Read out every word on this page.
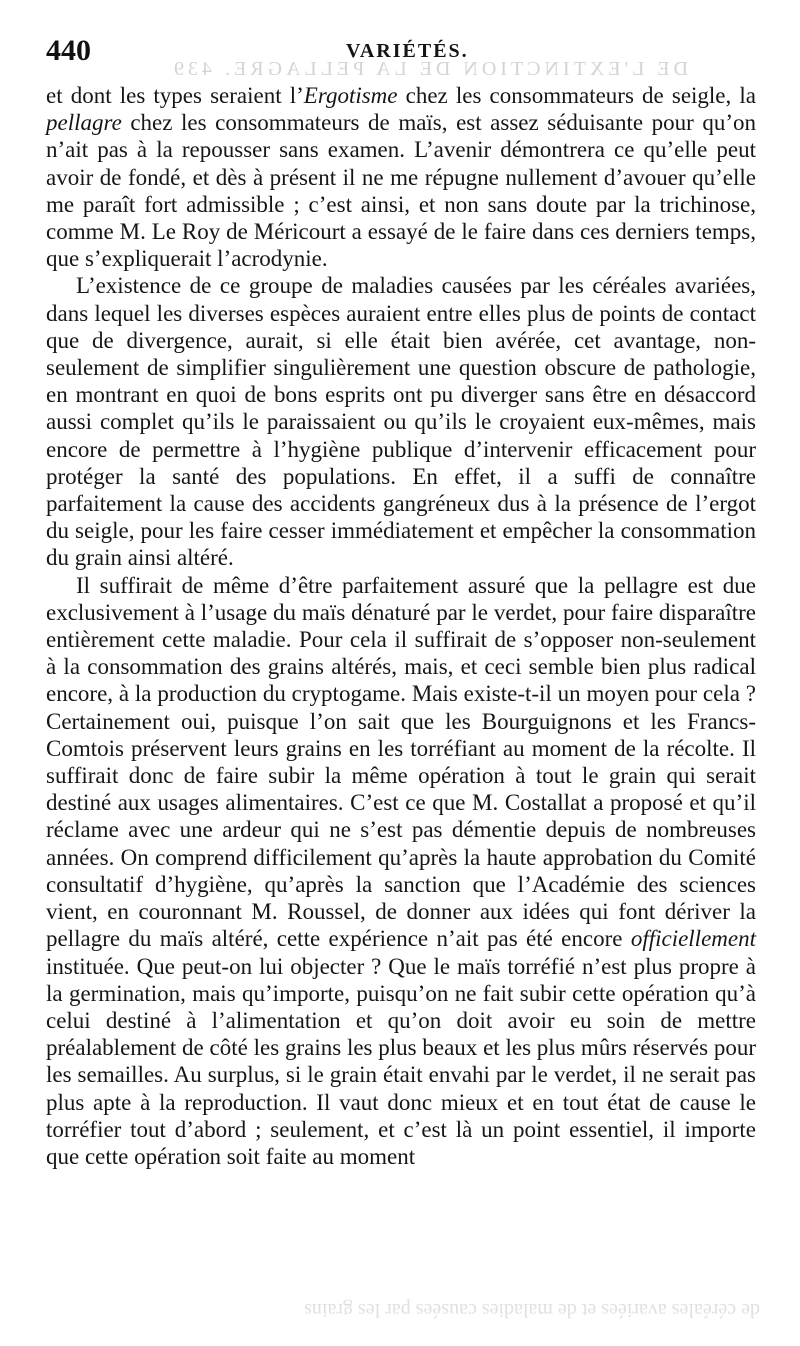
DE L'EXTINCTION DE LA PELLAGRE. 439
de céréales avariées et de maladies causées par les grains
440	VARIÉTÉS.

et dont les types seraient l’Ergotisme chez les consommateurs de seigle, la pellagre chez les consommateurs de maïs, est assez séduisante pour qu’on n’ait pas à la repousser sans examen. L’avenir démontrera ce qu’elle peut avoir de fondé, et dès à présent il ne me répugne nullement d’avouer qu’elle me paraît fort admissible ; c’est ainsi, et non sans doute par la trichinose, comme M. Le Roy de Méricourt a essayé de le faire dans ces derniers temps, que s’expliquerait l’acrodynie.

L’existence de ce groupe de maladies causées par les céréales avariées, dans lequel les diverses espèces auraient entre elles plus de points de contact que de divergence, aurait, si elle était bien avérée, cet avantage, non-seulement de simplifier singulièrement une question obscure de pathologie, en montrant en quoi de bons esprits ont pu diverger sans être en désaccord aussi complet qu’ils le paraissaient ou qu’ils le croyaient eux-mêmes, mais encore de permettre à l’hygiène publique d’intervenir efficacement pour protéger la santé des populations. En effet, il a suffi de connaître parfaitement la cause des accidents gangréneux dus à la présence de l’ergot du seigle, pour les faire cesser immédiatement et empêcher la consommation du grain ainsi altéré.

Il suffirait de même d’être parfaitement assuré que la pellagre est due exclusivement à l’usage du maïs dénaturé par le verdet, pour faire disparaître entièrement cette maladie. Pour cela il suffirait de s’opposer non-seulement à la consommation des grains altérés, mais, et ceci semble bien plus radical encore, à la production du cryptogame. Mais existe-t-il un moyen pour cela ? Certainement oui, puisque l’on sait que les Bourguignons et les Francs-Comtois préservent leurs grains en les torréfiant au moment de la récolte. Il suffirait donc de faire subir la même opération à tout le grain qui serait destiné aux usages alimentaires. C’est ce que M. Costallat a proposé et qu’il réclame avec une ardeur qui ne s’est pas démentie depuis de nombreuses années. On comprend difficilement qu’après la haute approbation du Comité consultatif d’hygiène, qu’après la sanction que l’Académie des sciences vient, en couronnant M. Roussel, de donner aux idées qui font dériver la pellagre du maïs altéré, cette expérience n’ait pas été encore officiellement instituée. Que peut-on lui objecter ? Que le maïs torréfié n’est plus propre à la germination, mais qu’importe, puisqu’on ne fait subir cette opération qu’à celui destiné à l’alimentation et qu’on doit avoir eu soin de mettre préalablement de côté les grains les plus beaux et les plus mûrs réservés pour les semailles. Au surplus, si le grain était envahi par le verdet, il ne serait pas plus apte à la reproduction. Il vaut donc mieux et en tout état de cause le torréfier tout d’abord ; seulement, et c’est là un point essentiel, il importe que cette opération soit faite au moment
